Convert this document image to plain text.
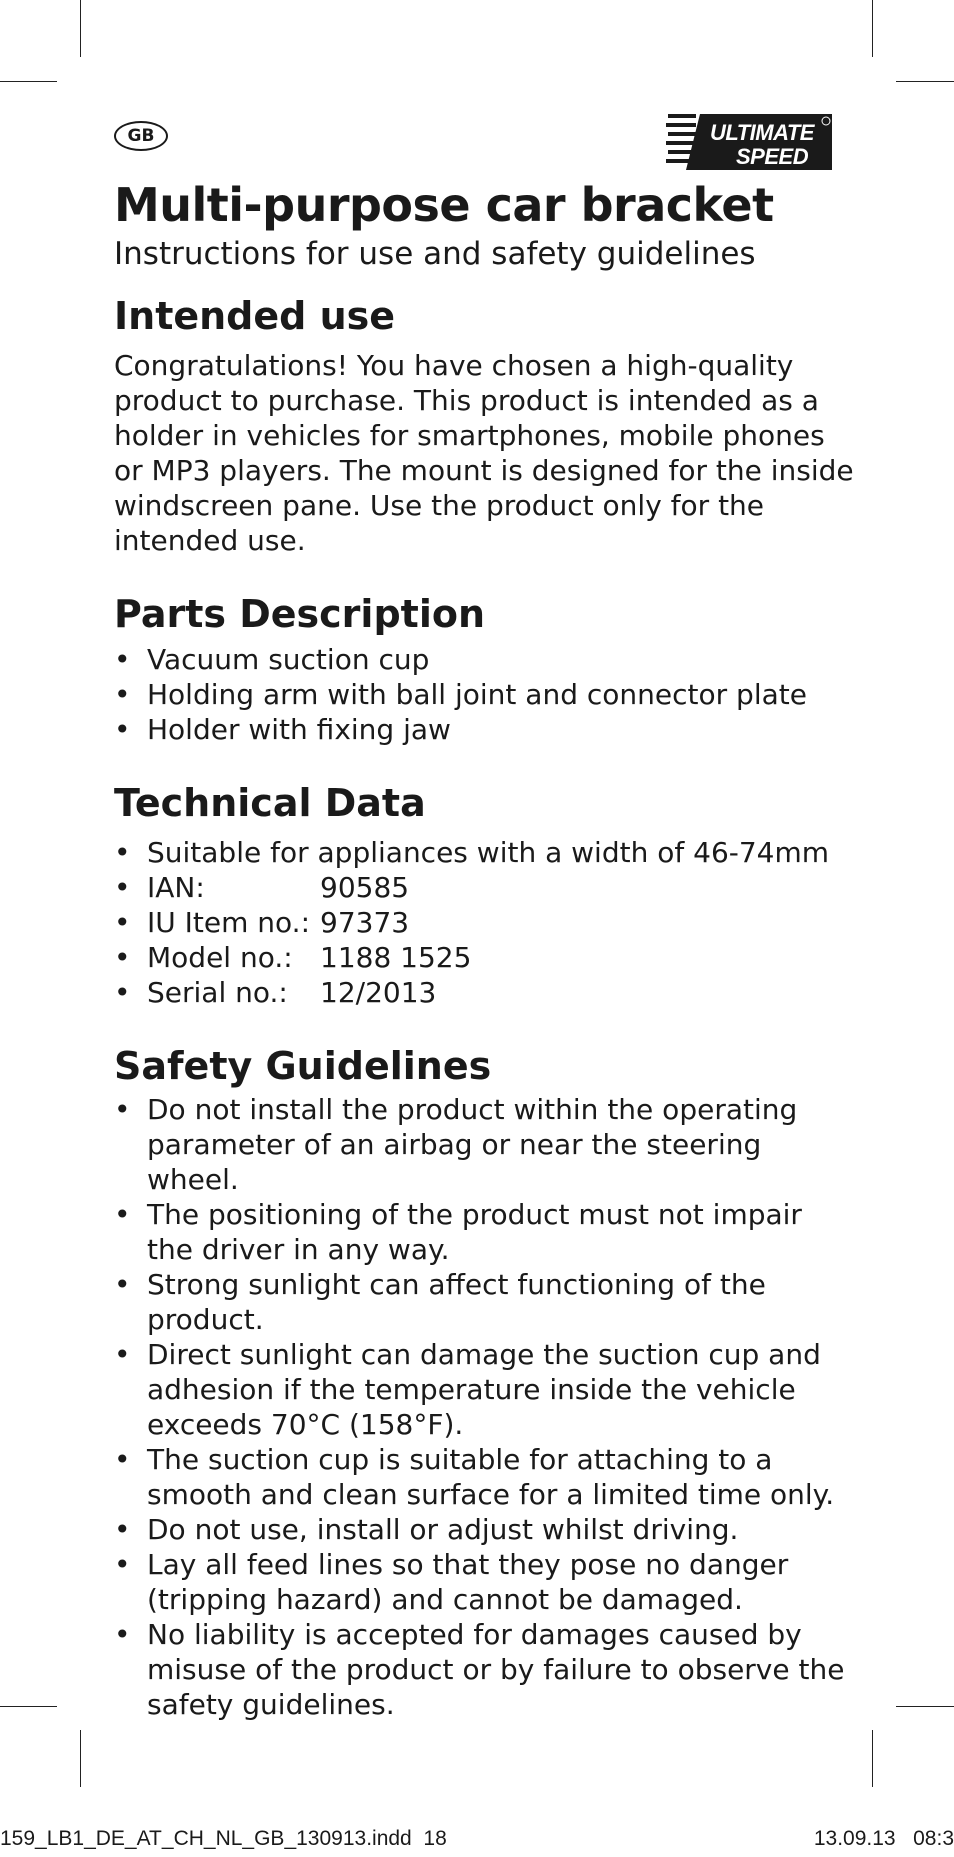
GB	ULTIMATE
SPEED
Multi-purpose car bracket
Instructions for use and safety guidelines
Intended use

Congratulations! You have chosen a high-quality product to purchase. This product is intended as a holder in vehicles for smartphones, mobile phones or MP3 players. The mount is designed for the inside windscreen pane. Use the product only for the intended use.

Parts Description
• Vacuum suction cup
• Holding arm with ball joint and connector plate
• Holder with fixing jaw
Technical Data
• Suitable for appliances with a width of 46-74mm
• IAN:	90585
• IU Item no.: 97373
• Model no.: 1188 1525
• Serial no.:	12/2013
Safety Guidelines
• Do not install the product within the operating parameter of an airbag or near the steering wheel.
• The positioning of the product must not impair the driver in any way.
• Strong sunlight can affect functioning of the product.
• Direct sunlight can damage the suction cup and adhesion if the temperature inside the vehicle exceeds 70°C (158°F).
• The suction cup is suitable for attaching to a smooth and clean surface for a limited time only.
• Do not use, install or adjust whilst driving.
• Lay all feed lines so that they pose no danger (tripping hazard) and cannot be damaged.
• No liability is accepted for damages caused by misuse of the product or by failure to observe the safety guidelines.
159_LB1_DE_AT_CH_NL_GB_130913.indd 18	13.09.13 08:3
